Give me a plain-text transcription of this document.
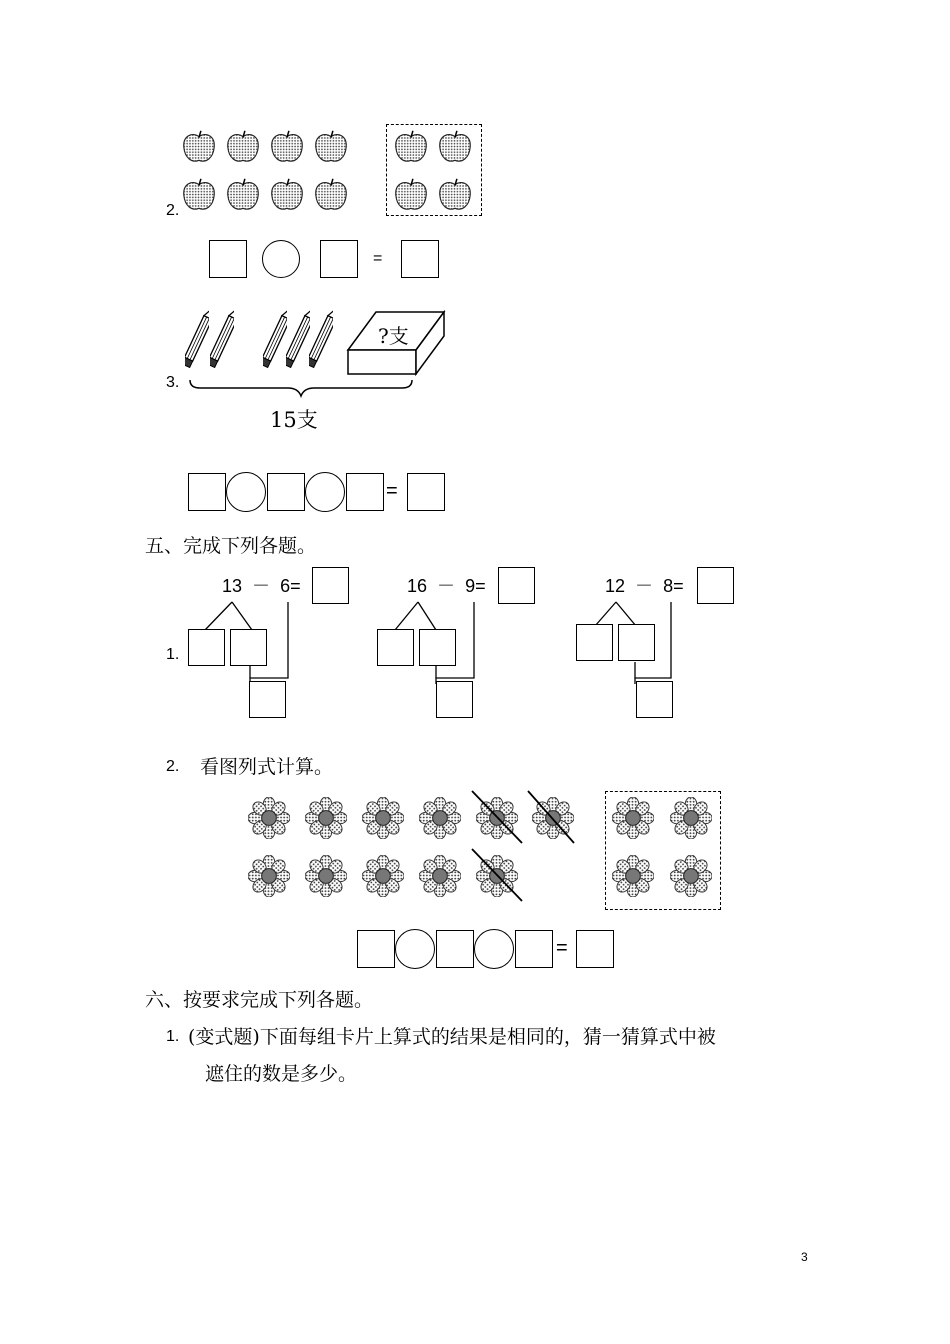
2.
=
3.
?支
15支
=
五、完成下列各题。
1.
13 － 6=	16 － 9=	12 － 8=
2. 看图列式计算。
=
六、按要求完成下列各题。
1. (变式题)下面每组卡片上算式的结果是相同的，猜一猜算式中被
遮住的数是多少。
3
